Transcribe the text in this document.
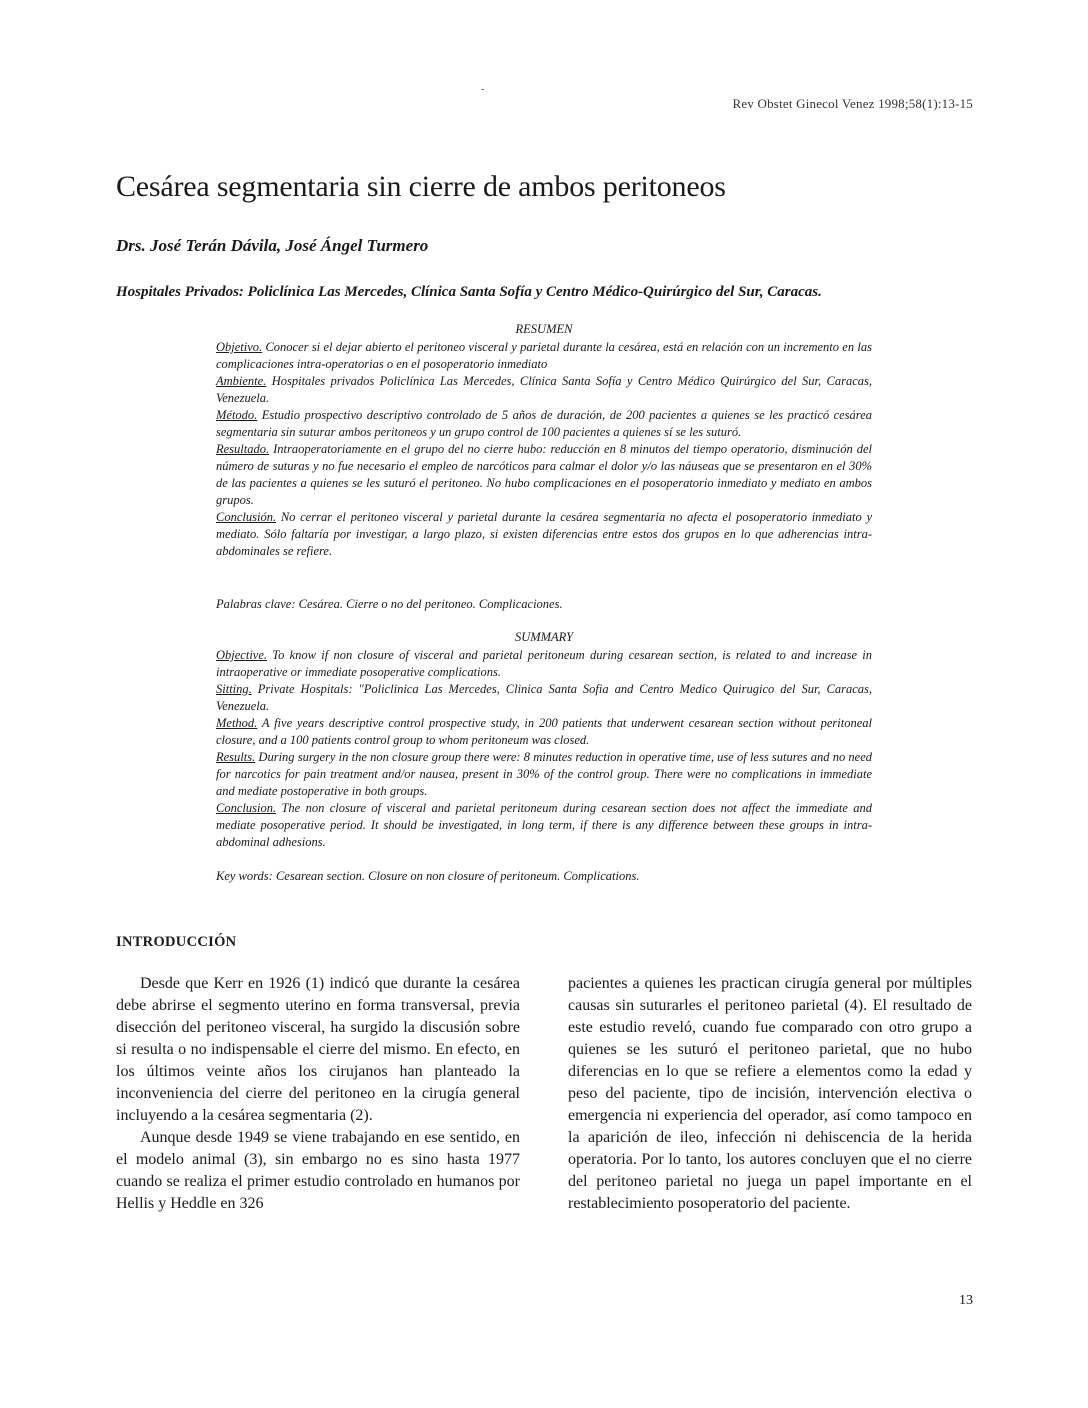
-
Rev Obstet Ginecol Venez 1998;58(1):13-15
Cesárea segmentaria sin cierre de ambos peritoneos
Drs. José Terán Dávila, José Ángel Turmero
Hospitales Privados: Policlínica Las Mercedes, Clínica Santa Sofía y Centro Médico-Quirúrgico del Sur, Caracas.
RESUMEN

Objetivo. Conocer si el dejar abierto el peritoneo visceral y parietal durante la cesárea, está en relación con un incremento en las complicaciones intra-operatorias o en el posoperatorio inmediato

Ambiente. Hospitales privados Policlínica Las Mercedes, Clínica Santa Sofía y Centro Médico Quirúrgico del Sur, Caracas, Venezuela.

Método. Estudio prospectivo descriptivo controlado de 5 años de duración, de 200 pacientes a quienes se les practicó cesárea segmentaria sin suturar ambos peritoneos y un grupo control de 100 pacientes a quienes sí se les suturó.

Resultado. Intraoperatoriamente en el grupo del no cierre hubo: reducción en 8 minutos del tiempo operatorio, disminución del número de suturas y no fue necesario el empleo de narcóticos para calmar el dolor y/o las náuseas que se presentaron en el 30% de las pacientes a quienes se les suturó el peritoneo. No hubo complicaciones en el posoperatorio inmediato y mediato en ambos grupos.

Conclusión. No cerrar el peritoneo visceral y parietal durante la cesárea segmentaria no afecta el posoperatorio inmediato y mediato. Sólo faltaría por investigar, a largo plazo, si existen diferencias entre estos dos grupos en lo que adherencias intra-abdominales se refiere.

Palabras clave: Cesárea. Cierre o no del peritoneo. Complicaciones.
SUMMARY

Objective. To know if non closure of visceral and parietal peritoneum during cesarean section, is related to and increase in intraoperative or immediate posoperative complications.

Sitting. Private Hospitals: "Policlinica Las Mercedes, Clinica Santa Sofia and Centro Medico Quirugico del Sur, Caracas, Venezuela.

Method. A five years descriptive control prospective study, in 200 patients that underwent cesarean section without peritoneal closure, and a 100 patients control group to whom peritoneum was closed.

Results. During surgery in the non closure group there were: 8 minutes reduction in operative time, use of less sutures and no need for narcotics for pain treatment and/or nausea, present in 30% of the control group. There were no complications in immediate and mediate postoperative in both groups.

Conclusion. The non closure of visceral and parietal peritoneum during cesarean section does not affect the immediate and mediate posoperative period. It should be investigated, in long term, if there is any difference between these groups in intra-abdominal adhesions.

Key words: Cesarean section. Closure on non closure of peritoneum. Complications.
INTRODUCCIÓN

Desde que Kerr en 1926 (1) indicó que durante la cesárea debe abrirse el segmento uterino en forma transversal, previa disección del peritoneo visceral, ha surgido la discusión sobre si resulta o no indispensable el cierre del mismo. En efecto, en los últimos veinte años los cirujanos han planteado la inconveniencia del cierre del peritoneo en la cirugía general incluyendo a la cesárea segmentaria (2).

Aunque desde 1949 se viene trabajando en ese sentido, en el modelo animal (3), sin embargo no es sino hasta 1977 cuando se realiza el primer estudio controlado en humanos por Hellis y Heddle en 326

pacientes a quienes les practican cirugía general por múltiples causas sin suturarles el peritoneo parietal (4). El resultado de este estudio reveló, cuando fue comparado con otro grupo a quienes se les suturó el peritoneo parietal, que no hubo diferencias en lo que se refiere a elementos como la edad y peso del paciente, tipo de incisión, intervención electiva o emergencia ni experiencia del operador, así como tampoco en la aparición de ileo, infección ni dehiscencia de la herida operatoria. Por lo tanto, los autores concluyen que el no cierre del peritoneo parietal no juega un papel importante en el restablecimiento posoperatorio del paciente.

13
